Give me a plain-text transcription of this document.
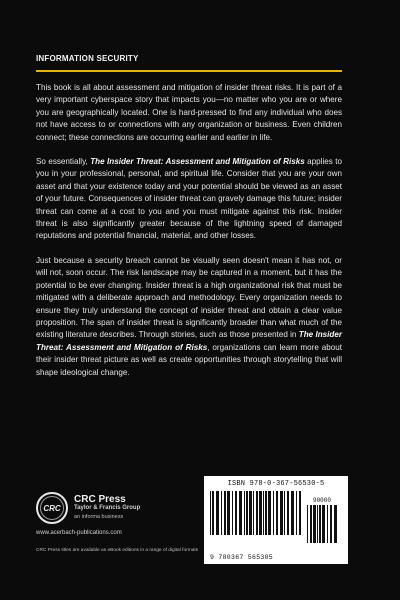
INFORMATION SECURITY

This book is all about assessment and mitigation of insider threat risks. It is part of a very important cyberspace story that impacts you—no matter who you are or where you are geographically located. One is hard-pressed to find any individual who does not have access to or connections with any organization or business. Even children connect; these connections are occurring earlier and earlier in life.

So essentially, The Insider Threat: Assessment and Mitigation of Risks applies to you in your professional, personal, and spiritual life. Consider that you are your own asset and that your existence today and your potential should be viewed as an asset of your future. Consequences of insider threat can gravely damage this future; insider threat can come at a cost to you and you must mitigate against this risk. Insider threat is also significantly greater because of the lightning speed of damaged reputations and potential financial, material, and other losses.

Just because a security breach cannot be visually seen doesn't mean it has not, or will not, soon occur. The risk landscape may be captured in a moment, but it has the potential to be ever changing. Insider threat is a high organizational risk that must be mitigated with a deliberate approach and methodology. Every organization needs to ensure they truly understand the concept of insider threat and obtain a clear value proposition. The span of insider threat is significantly broader than what much of the existing literature describes. Through stories, such as those presented in The Insider Threat: Assessment and Mitigation of Risks, organizations can learn more about their insider threat picture as well as create opportunities through storytelling that will shape ideological change.

CRC
CRC Press
Taylor & Francis Group
an informa business
www.acerbach-publications.com
CRC Press titles are available as eBook editions in a range of digital formats
ISBN 978-0-367-56530-5
90000
9 780367 565305
